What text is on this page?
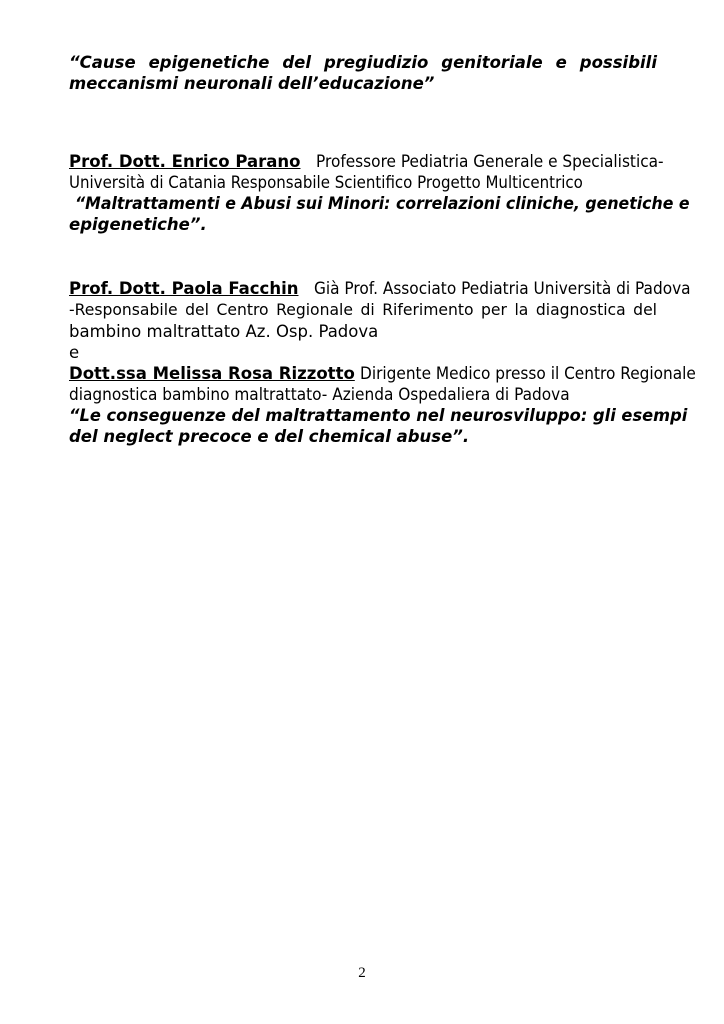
“Cause epigenetiche del pregiudizio genitoriale e possibili
meccanismi neuronali dell’educazione”
Prof. Dott. Enrico Parano Professore Pediatria Generale e Specialistica-
Università di Catania Responsabile Scientifico Progetto Multicentrico
“Maltrattamenti e Abusi sui Minori: correlazioni cliniche, genetiche e
epigenetiche”.
Prof. Dott. Paola Facchin Già Prof. Associato Pediatria Università di Padova
-Responsabile del Centro Regionale di Riferimento per la diagnostica del
bambino maltrattato Az. Osp. Padova
e
Dott.ssa Melissa Rosa Rizzotto Dirigente Medico presso il Centro Regionale
diagnostica bambino maltrattato- Azienda Ospedaliera di Padova
“Le conseguenze del maltrattamento nel neurosviluppo: gli esempi
del neglect precoce e del chemical abuse”.
2
